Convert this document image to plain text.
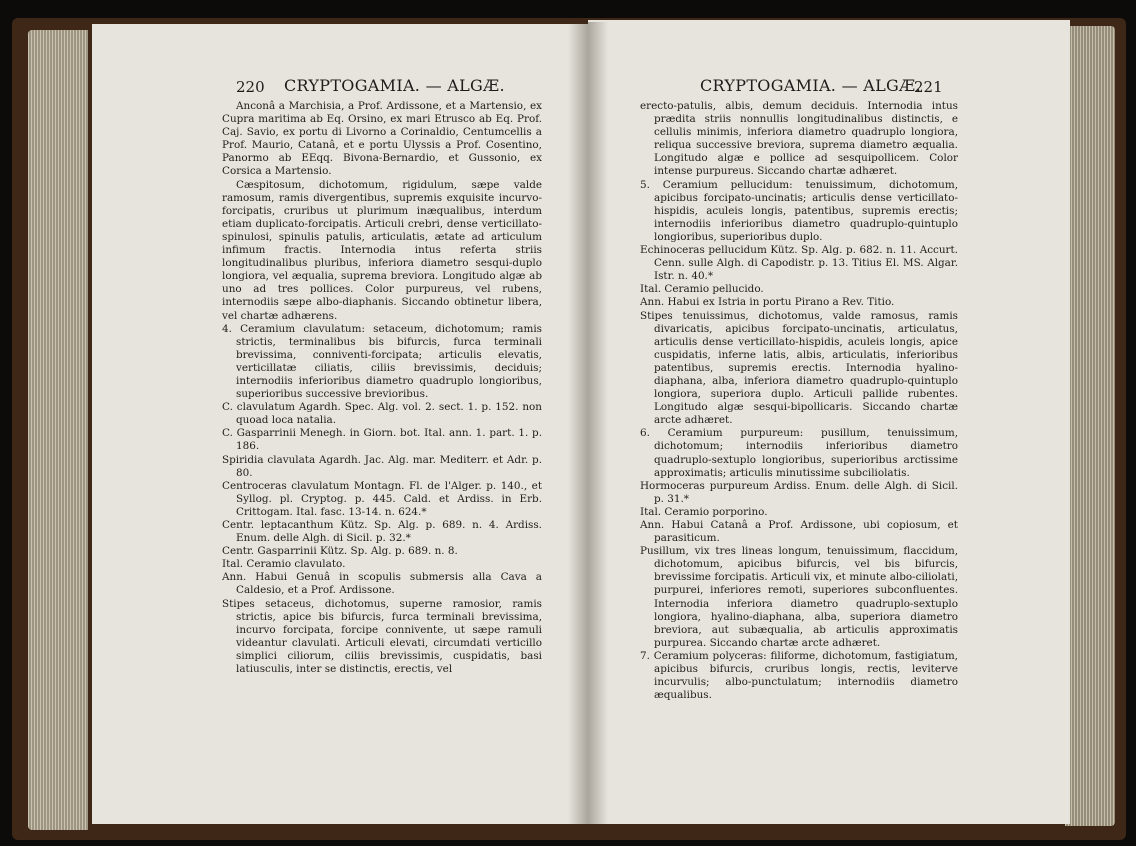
220 CRYPTOGAMIA. — ALGÆ.

Anconâ a Marchisia, a Prof. Ardissone, et a Martensio, ex Cupra maritima ab Eq. Orsino, ex mari Etrusco ab Eq. Prof. Caj. Savio, ex portu di Livorno a Corinaldio, Centumcellis a Prof. Maurio, Catanâ, et e portu Ulyssis a Prof. Cosentino, Panormo ab EEqq. Bivona-Bernardio, et Gussonio, ex Corsica a Martensio.

Cæspitosum, dichotomum, rigidulum, sæpe valde ramosum, ramis divergentibus, supremis exquisite incurvo-forcipatis, cruribus ut plurimum inæqualibus, interdum etiam duplicato-forcipatis. Articuli crebri, dense verticillato-spinulosi, spinulis patulis, articulatis, ætate ad articulum infimum fractis. Internodia intus referta striis longitudinalibus pluribus, inferiora diametro sesqui-duplo longiora, vel æqualia, suprema breviora. Longitudo algæ ab uno ad tres pollices. Color purpureus, vel rubens, internodiis sæpe albo-diaphanis. Siccando obtinetur libera, vel chartæ adhærens.

4. Ceramium clavulatum: setaceum, dichotomum; ramis strictis, terminalibus bis bifurcis, furca terminali brevissima, conniventi-forcipata; articulis elevatis, verticillatæ ciliatis, ciliis brevissimis, deciduis; internodiis inferioribus diametro quadruplo longioribus, superioribus successive brevioribus.

C. clavulatum Agardh. Spec. Alg. vol. 2. sect. 1. p. 152. non quoad loca natalia.

C. Gasparrinii Menegh. in Giorn. bot. Ital. ann. 1. part. 1. p. 186.

Spiridia clavulata Agardh. Jac. Alg. mar. Mediterr. et Adr. p. 80.

Centroceras clavulatum Montagn. Fl. de l'Alger. p. 140., et Syllog. pl. Cryptog. p. 445. Cald. et Ardiss. in Erb. Crittogam. Ital. fasc. 13-14. n. 624.*

Centr. leptacanthum Kütz. Sp. Alg. p. 689. n. 4. Ardiss. Enum. delle Algh. di Sicil. p. 32.*

Centr. Gasparrinii Kütz. Sp. Alg. p. 689. n. 8.

Ital. Ceramio clavulato.

Ann. Habui Genuâ in scopulis submersis alla Cava a Caldesio, et a Prof. Ardissone.

Stipes setaceus, dichotomus, superne ramosior, ramis strictis, apice bis bifurcis, furca terminali brevissima, incurvo forcipata, forcipe connivente, ut sæpe ramuli videantur clavulati. Articuli elevati, circumdati verticillo simplici ciliorum, ciliis brevissimis, cuspidatis, basi latiusculis, inter se distinctis, erectis, vel

CRYPTOGAMIA. — ALGÆ.
221

erecto-patulis, albis, demum deciduis. Internodia intus prædita striis nonnullis longitudinalibus distinctis, e cellulis minimis, inferiora diametro quadruplo longiora, reliqua successive breviora, suprema diametro æqualia. Longitudo algæ e pollice ad sesquipollicem. Color intense purpureus. Siccando chartæ adhæret.

5. Ceramium pellucidum: tenuissimum, dichotomum, apicibus forcipato-uncinatis; articulis dense verticillato-hispidis, aculeis longis, patentibus, supremis erectis; internodiis inferioribus diametro quadruplo-quintuplo longioribus, superioribus duplo.

Echinoceras pellucidum Kütz. Sp. Alg. p. 682. n. 11. Accurt. Cenn. sulle Algh. di Capodistr. p. 13. Titius El. MS. Algar. Istr. n. 40.*

Ital. Ceramio pellucido.

Ann. Habui ex Istria in portu Pirano a Rev. Titio.

Stipes tenuissimus, dichotomus, valde ramosus, ramis divaricatis, apicibus forcipato-uncinatis, articulatus, articulis dense verticillato-hispidis, aculeis longis, apice cuspidatis, inferne latis, albis, articulatis, inferioribus patentibus, supremis erectis. Internodia hyalino-diaphana, alba, inferiora diametro quadruplo-quintuplo longiora, superiora duplo. Articuli pallide rubentes. Longitudo algæ sesqui-bipollicaris. Siccando chartæ arcte adhæret.

6. Ceramium purpureum: pusillum, tenuissimum, dichotomum; internodiis inferioribus diametro quadruplo-sextuplo longioribus, superioribus arctissime approximatis; articulis minutissime subciliolatis.

Hormoceras purpureum Ardiss. Enum. delle Algh. di Sicil. p. 31.*

Ital. Ceramio porporino.

Ann. Habui Catanâ a Prof. Ardissone, ubi copiosum, et parasiticum.

Pusillum, vix tres lineas longum, tenuissimum, flaccidum, dichotomum, apicibus bifurcis, vel bis bifurcis, brevissime forcipatis. Articuli vix, et minute albo-ciliolati, purpurei, inferiores remoti, superiores subconfluentes. Internodia inferiora diametro quadruplo-sextuplo longiora, hyalino-diaphana, alba, superiora diametro breviora, aut subæqualia, ab articulis approximatis purpurea. Siccando chartæ arcte adhæret.

7. Ceramium polyceras: filiforme, dichotomum, fastigiatum, apicibus bifurcis, cruribus longis, rectis, leviterve incurvulis; albo-punctulatum; internodiis diametro æqualibus.
